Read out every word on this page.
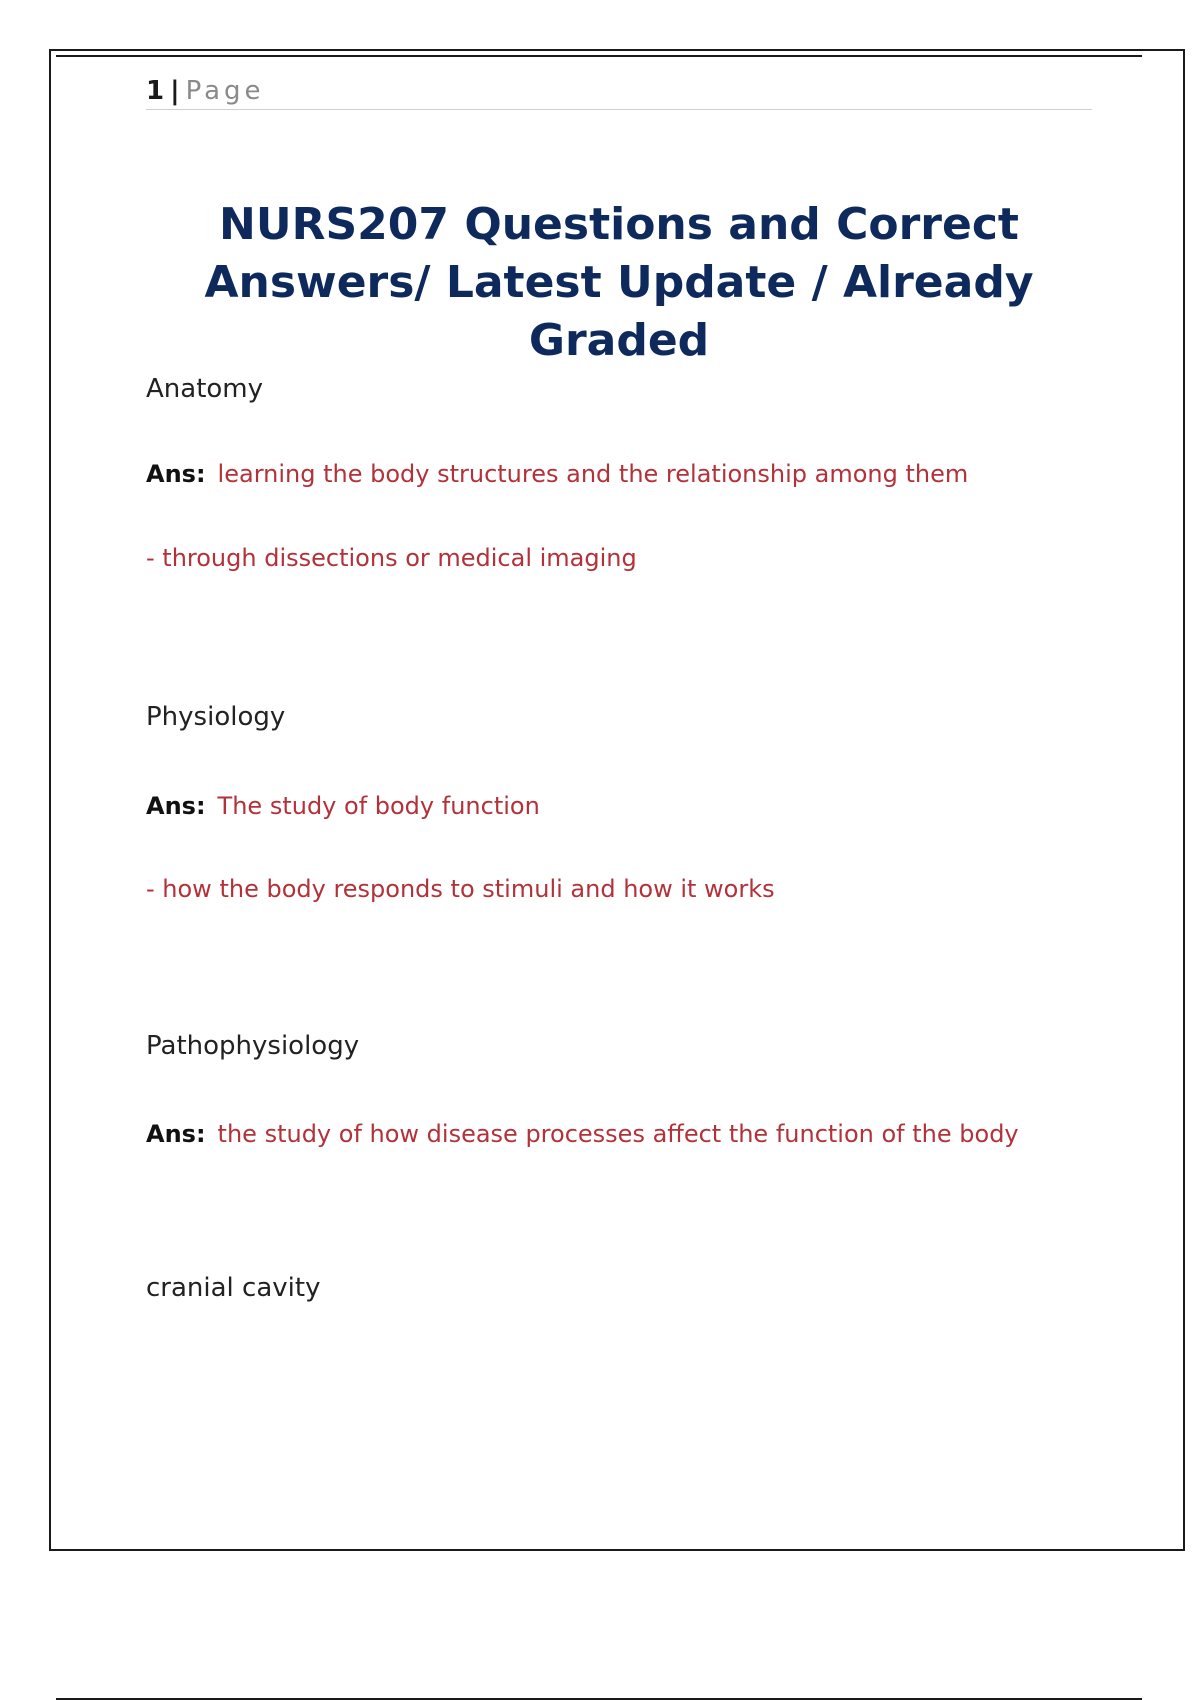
1 | Page
NURS207 Questions and Correct
Answers/ Latest Update / Already
Graded

Anatomy

Ans: learning the body structures and the relationship among them

- through dissections or medical imaging

Physiology

Ans: The study of body function

- how the body responds to stimuli and how it works

Pathophysiology

Ans: the study of how disease processes affect the function of the body

cranial cavity
